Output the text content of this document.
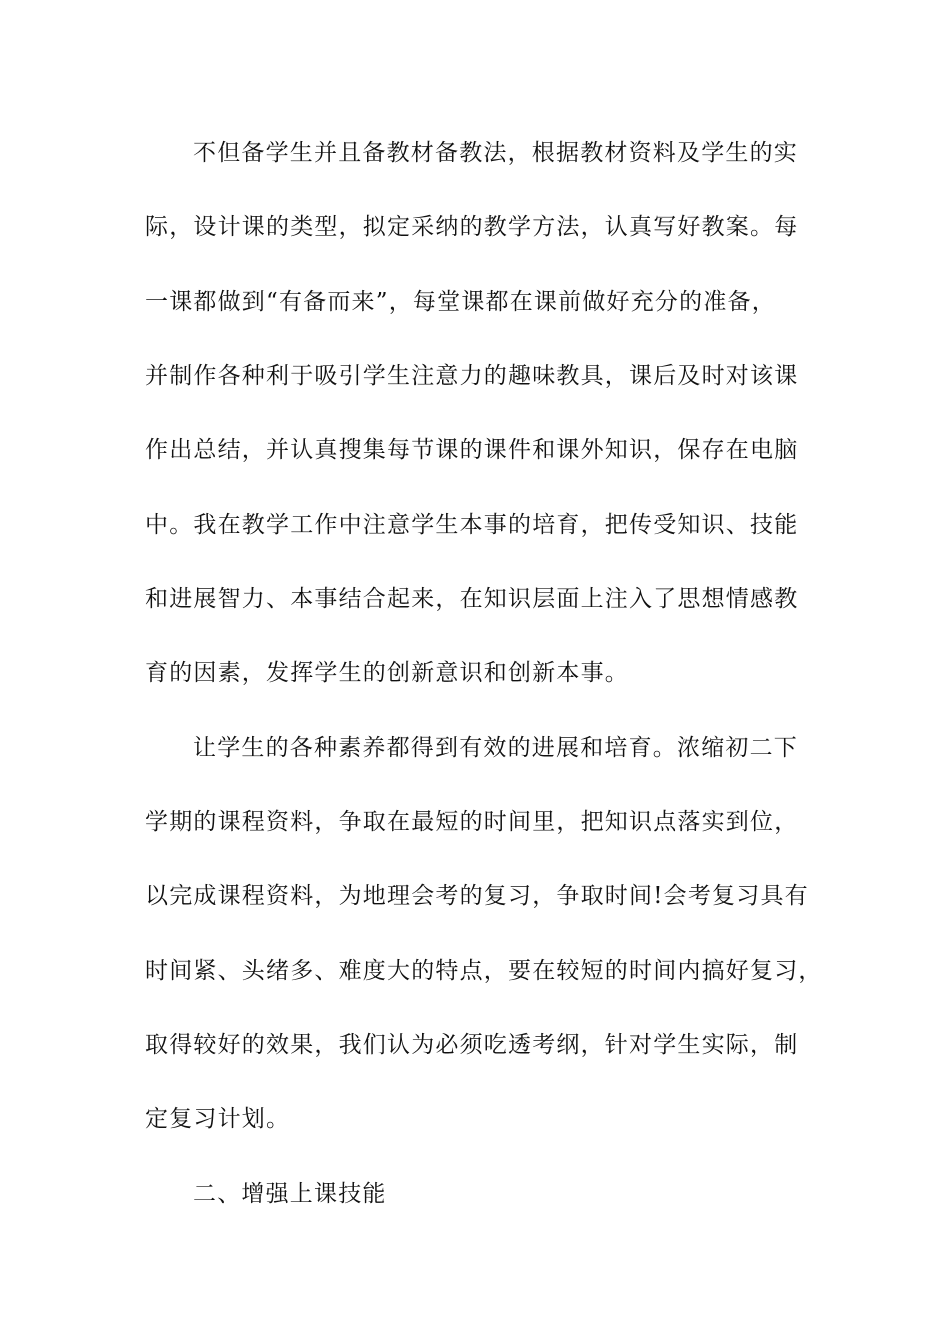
不但备学生并且备教材备教法，根据教材资料及学生的实
际，设计课的类型，拟定采纳的教学方法，认真写好教案。每
一课都做到“有备而来”，每堂课都在课前做好充分的准备，
并制作各种利于吸引学生注意力的趣味教具，课后及时对该课
作出总结，并认真搜集每节课的课件和课外知识，保存在电脑
中。我在教学工作中注意学生本事的培育，把传受知识、技能
和进展智力、本事结合起来，在知识层面上注入了思想情感教
育的因素，发挥学生的创新意识和创新本事。
让学生的各种素养都得到有效的进展和培育。浓缩初二下
学期的课程资料，争取在最短的时间里，把知识点落实到位，
以完成课程资料，为地理会考的复习，争取时间!会考复习具有
时间紧、头绪多、难度大的特点，要在较短的时间内搞好复习，
取得较好的效果，我们认为必须吃透考纲，针对学生实际，制
定复习计划。
二、增强上课技能
